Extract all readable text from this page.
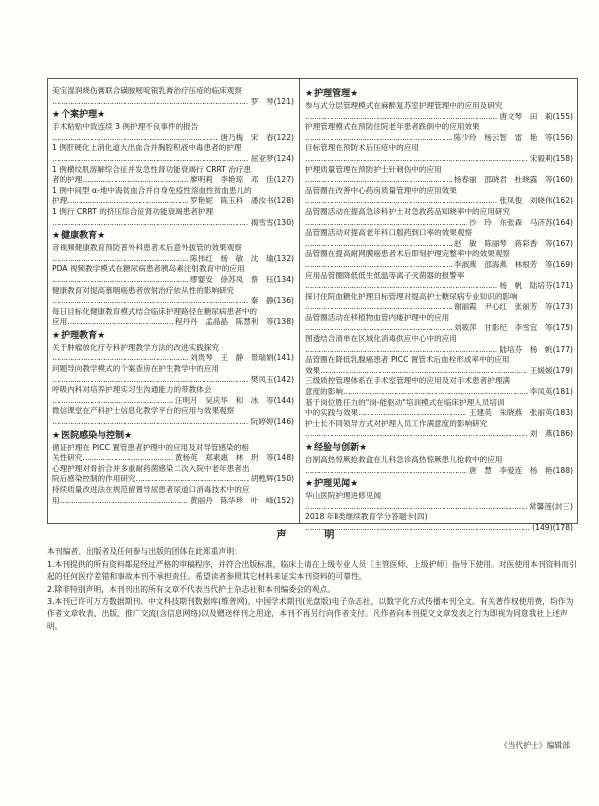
美宝湿润烧伤膏联合磺胺嘧啶银乳膏治疗压疮的临床观察
…………………………………………………………………………………………
罗　琴(121)
★个案护理★
手术粘贴中致连续 3 例护理不良事件的报告
…………………………………………………………………………………………
唐乃梅　宋　春(122)
1 例肝硬化上消化道大出血合并胸腔积液中毒患者的护理
…………………………………………………………………………………………
屈亚梦(124)
1 例横纹肌溶解综合征并发急性肾功能衰竭行 CRRT 治疗患
者的护理 …………………………………………………………………………………………	廖明莉　李艳琼　邓　佳(127)
1 例中间型 α-地中海贫血合并自身免疫性溶血性贫血患儿的
护理 …………………………………………………………………………………………	罗艳妮　陈玉科　潘汝书(128)
1 例行 CRRT 的挤压综合征肾功能衰竭患者护理
…………………………………………………………………………………………
揭雪雪(130)
★健康教育★
音视频健康教育预防普外科患者术后意外拔管的效果观察
…………………………………………………………………………………………
陈伟红　杨　敏　沈　瑜(132)
PDA 视频教学模式在糖尿病患者胰岛素注射教育中的应用
…………………………………………………………………………………………
缪婴安　徐苏凤　蔡　钰(134)
健康教育对提高慕咽癌患者放射治疗依从性的影响研究
…………………………………………………………………………………………
秦　静(136)
每日目标化健康教育模式结合临床护理路径在糖尿病患者中的
应用 …………………………………………………………………………………………	程丹丹　孟晶晶　陈慧利　等(138)
★护理教育★
关于肿瘤放化疗专科护理教学方法的改进实践探究
…………………………………………………………………………………………
刘贵琴　王　静　景瑞娟(141)
问题导向教学模式的个案查房在护生教学中的应用
…………………………………………………………………………………………
樊凤玉(142)
呼吸内科对培养护理实习生沟通能力的带教体会
…………………………………………………………………………………………
汪明月　吴庆华　和　冰　等(144)
微信课堂在产科护士信息化教学平台的应用与效果观察
…………………………………………………………………………………………
阮婷婷(146)
★医院感染与控制★
循证护理在 PICC 置管患者护理中的应用及对导管感染的相
关性研究 …………………………………………………………………………………………	黄杨英　郑素惠　林　玥　等(148)
心理护理对骨折合并多重耐药菌感染二次入院中老年患者出
院后感染控制的作用研究 …………………………………………………………………………………………	胡甦辉(150)
持续质量改进法在规范留置导尿患者尿道口消毒技术中的应
用 …………………………………………………………………………………………	黄丽丹　陈华珍　叶　峰(152)
★护理管理★
参与式分层管理模式在麻醉复苏室护理管理中的应用及研究
…………………………………………………………………………………………
唐文琴　田　莉(155)
护理管理模式在预防住院老年患者跌倒中的应用效果
…………………………………………………………………………………………
陈少玲　杨云智　雷　艳　等(156)
目标管理在预防术后压疮中的应用
…………………………………………………………………………………………
宋毅莉(158)
护理质量管理在预防护士针刺伤中的应用
…………………………………………………………………………………………
杨春丽　邵晓君　杜晓露　等(160)
品管圈在改善中心药房质量管理中的应用效果
…………………………………………………………………………………………
张凤俊　刘晓伟(162)
品管圈活动在提高急诊科护士对急救药品知晓率中的应用研究
…………………………………………………………………………………………
沙　玲　东张森　马济苏(164)
品管圈活动对提高老年科口服药到口率的效果观察
…………………………………………………………………………………………
赵　敏　陈丽琴　蒋彩香　等(167)
品管圈在提高耐网膜癌患者术后即刻护理完整率中的效果观察
…………………………………………………………………………………………
李淑燕　邵海燕　林根芳　等(169)
应用品管圈降低低生低温等离子灭菌器的报警率
…………………………………………………………………………………………
杨　帆　陆培芬(171)
探讨住院血糖化护理目标管理对提高护士糖尿病专业知识的影响
…………………………………………………………………………………………
谢丽霞　尹心红　张丽芳　等(173)
品管圈活动在移植物血管内瘘护理中的应用
…………………………………………………………………………………………
刘筱萍　甘影纪　李雪宜　等(175)
图透结合清单在区域化消毒供应中心中的应用
…………………………………………………………………………………………
陆培芬　杨　帆(177)
品管圈在降低乳腺癌患者 PICC 置管术后血栓形成率中的应用
效果 …………………………………………………………………………………………	王媛媛(179)
三级质控管理体系在手术室管理中的应用及对手术患者护理满
意度的影响 …………………………………………………………………………………………	李凤英(181)
基于岗位胜任力的"岗-能驱动"培训模式在临床护理人员培训
中的实践与效果 …………………………………………………………………………………………	王建英　朱晓燕　张丽英(183)
护士长不同领导方式对护理人员工作满意度的影响研究
…………………………………………………………………………………………
刘　燕(186)
★经验与创新★
自制高热惊厥抢救盒在儿科急诊高热惊厥患儿抢救中的应用
…………………………………………………………………………………………
唐　慧　李爱连　杨　艳(188)
★护理见闻★
华山医院护理进修见闻
…………………………………………………………………………………………
常馨莲(封三)
2018 年Ⅱ类继续教育学分答题卡(四)
…………………………………………………………………………………………
(149)(178)
声　明

本刊编者、出版者及任何参与出版的团体在此郑重声明：

1.本刊提供的所有资料都是经过严格的审稿程序，并符合出版标准，临床上请在上级专业人员［主管医师、上级护师］指导下使用。对医使用本刊资料而引起的任何医疗差错和事故本刊不承担责任。希望读者参照其它材料来证实本刊资料的可靠性。

2.除非特别声明，本刊刊出的所有文章不代表当代护士杂志社和本刊编委会的观点。

3.本刊已许可万方数据期刊、中文科技期刊数据库(维普网)、中国学术期刊(光盘版)电子杂志社，以数字化方式传播本刊全文。有关著作权使用费，均作为作者文章收表、出版、推广交流(含信息网络)以及赠送样刊之用途，本刊不再另行向作者支付。凡作者向本刊提交文章发表之行为即视为同意我社上述声明。

《当代护士》编辑部
